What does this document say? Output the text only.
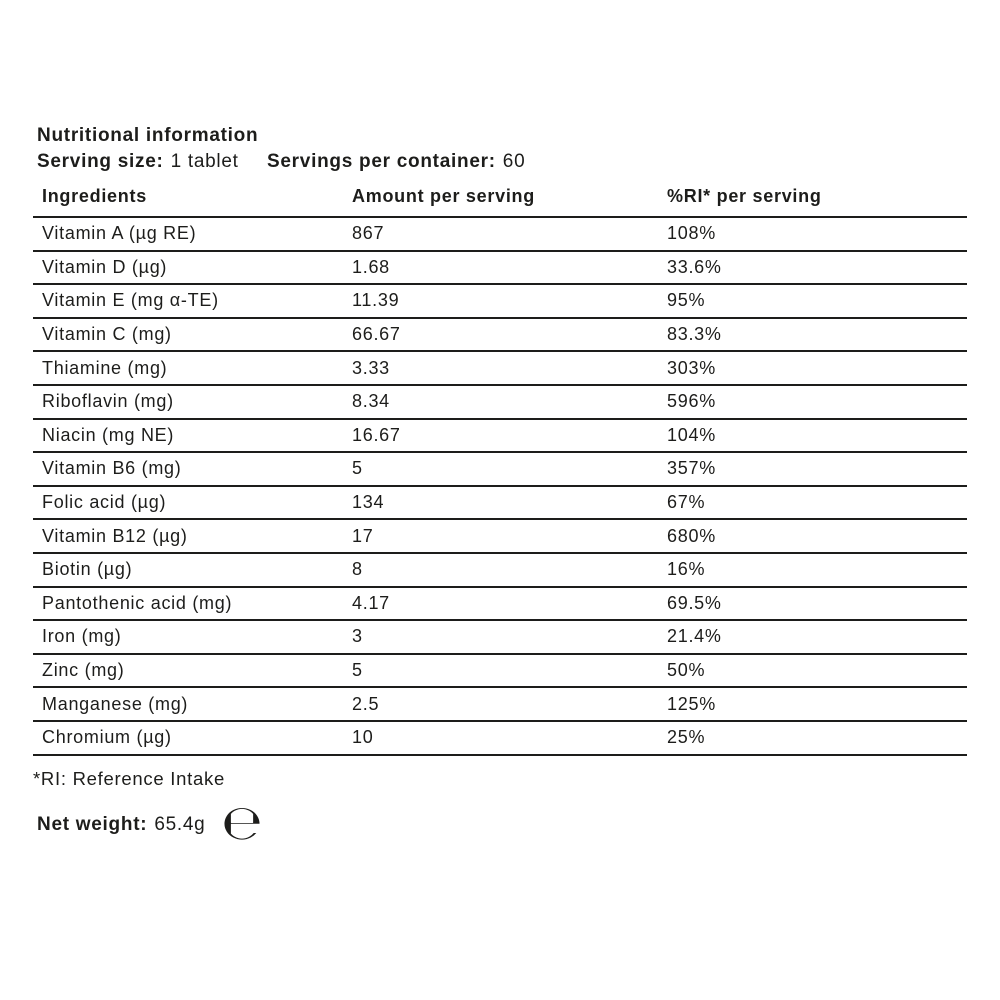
Nutritional information
Serving size: 1 tablet Servings per container: 60
Ingredients	Amount per serving	%RI* per serving
Vitamin A (µg RE)	867	108%
Vitamin D (µg)	1.68	33.6%
Vitamin E (mg α-TE)	11.39	95%
Vitamin C (mg)	66.67	83.3%
Thiamine (mg)	3.33	303%
Riboflavin (mg)	8.34	596%
Niacin (mg NE)	16.67	104%
Vitamin B6 (mg)	5	357%
Folic acid (µg)	134	67%
Vitamin B12 (µg)	17	680%
Biotin (µg)	8	16%
Pantothenic acid (mg)	4.17	69.5%
Iron (mg)	3	21.4%
Zinc (mg)	5	50%
Manganese (mg)	2.5	125%
Chromium (µg)	10	25%
*RI: Reference Intake
Net weight: 65.4g ℮
